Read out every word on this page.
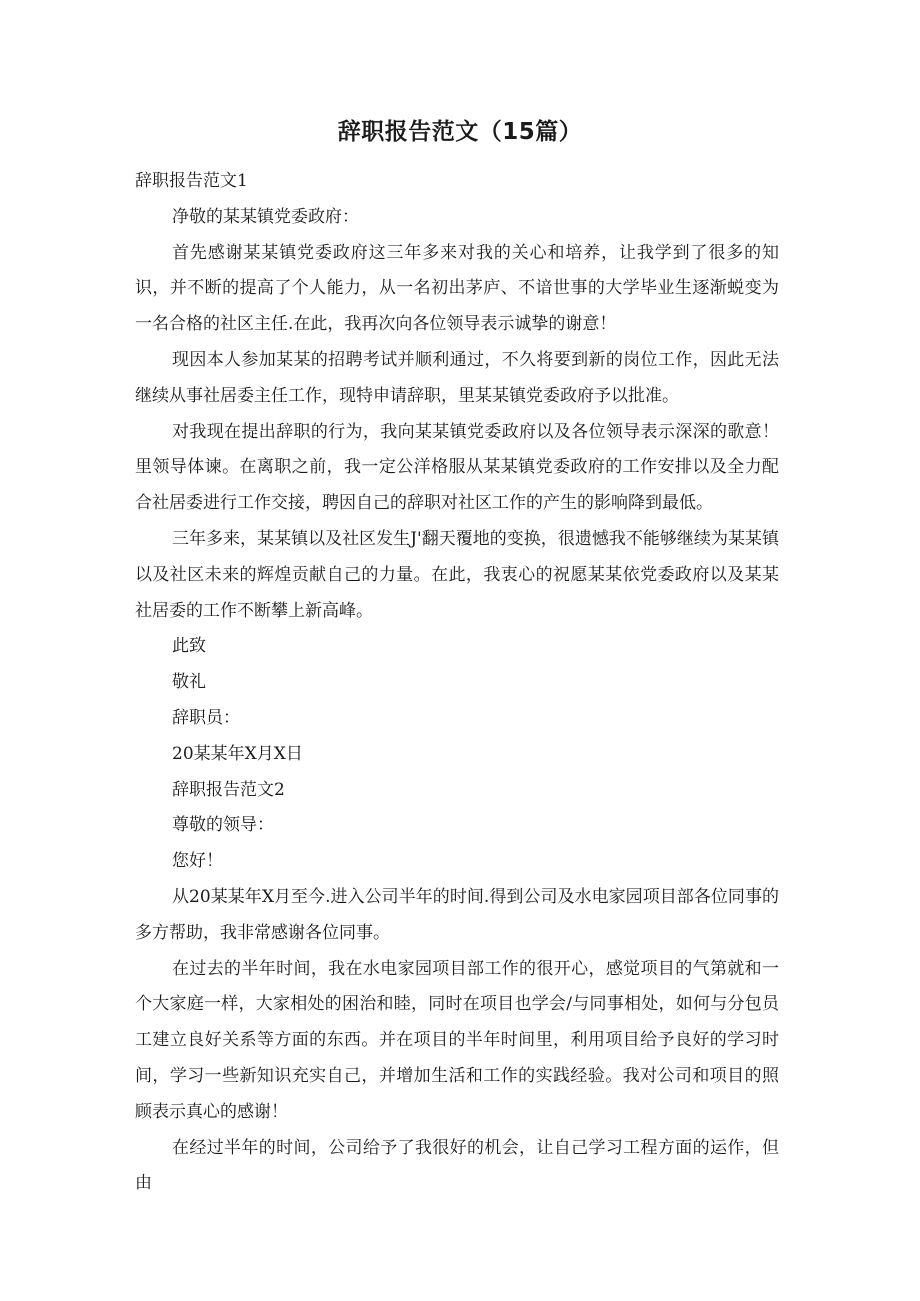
辞职报告范文（15篇）

辞职报告范文1

净敬的某某镇党委政府：

首先感谢某某镇党委政府这三年多来对我的关心和培养，让我学到了很多的知识，并不断的提高了个人能力，从一名初出茅庐、不谙世事的大学毕业生逐渐蜕变为一名合格的社区主任.在此，我再次向各位领导表示诚挚的谢意！

现因本人参加某某的招聘考试并顺利通过，不久将要到新的岗位工作，因此无法继续从事社居委主任工作，现特申请辞职，里某某镇党委政府予以批准。

对我现在提出辞职的行为，我向某某镇党委政府以及各位领导表示深深的歌意！里领导体谏。在离职之前，我一定公洋格服从某某镇党委政府的工作安排以及全力配合社居委进行工作交接，聘因自己的辞职对社区工作的产生的影响降到最低。

三年多来，某某镇以及社区发生J'翻天覆地的变换，很遗憾我不能够继续为某某镇以及社区未来的辉煌贡献自己的力量。在此，我衷心的祝愿某某依党委政府以及某某社居委的工作不断攀上新高峰。

此致

敬礼

辞职员：

20某某年X月X日

辞职报告范文2

尊敬的领导：

您好！

从20某某年X月至今.进入公司半年的时间.得到公司及水电家园项目部各位同事的多方帮助，我非常感谢各位同事。

在过去的半年时间，我在水电家园项目部工作的很开心，感觉项目的气第就和一个大家庭一样，大家相处的困治和睦，同时在项目也学会/与同事相处，如何与分包员工建立良好关系等方面的东西。并在项目的半年时间里，利用项目给予良好的学习时间，学习一些新知识充实自己，并增加生活和工作的实践经验。我对公司和项目的照顾表示真心的感谢！

在经过半年的时间，公司给予了我很好的机会，让自己学习工程方面的运作，但由
